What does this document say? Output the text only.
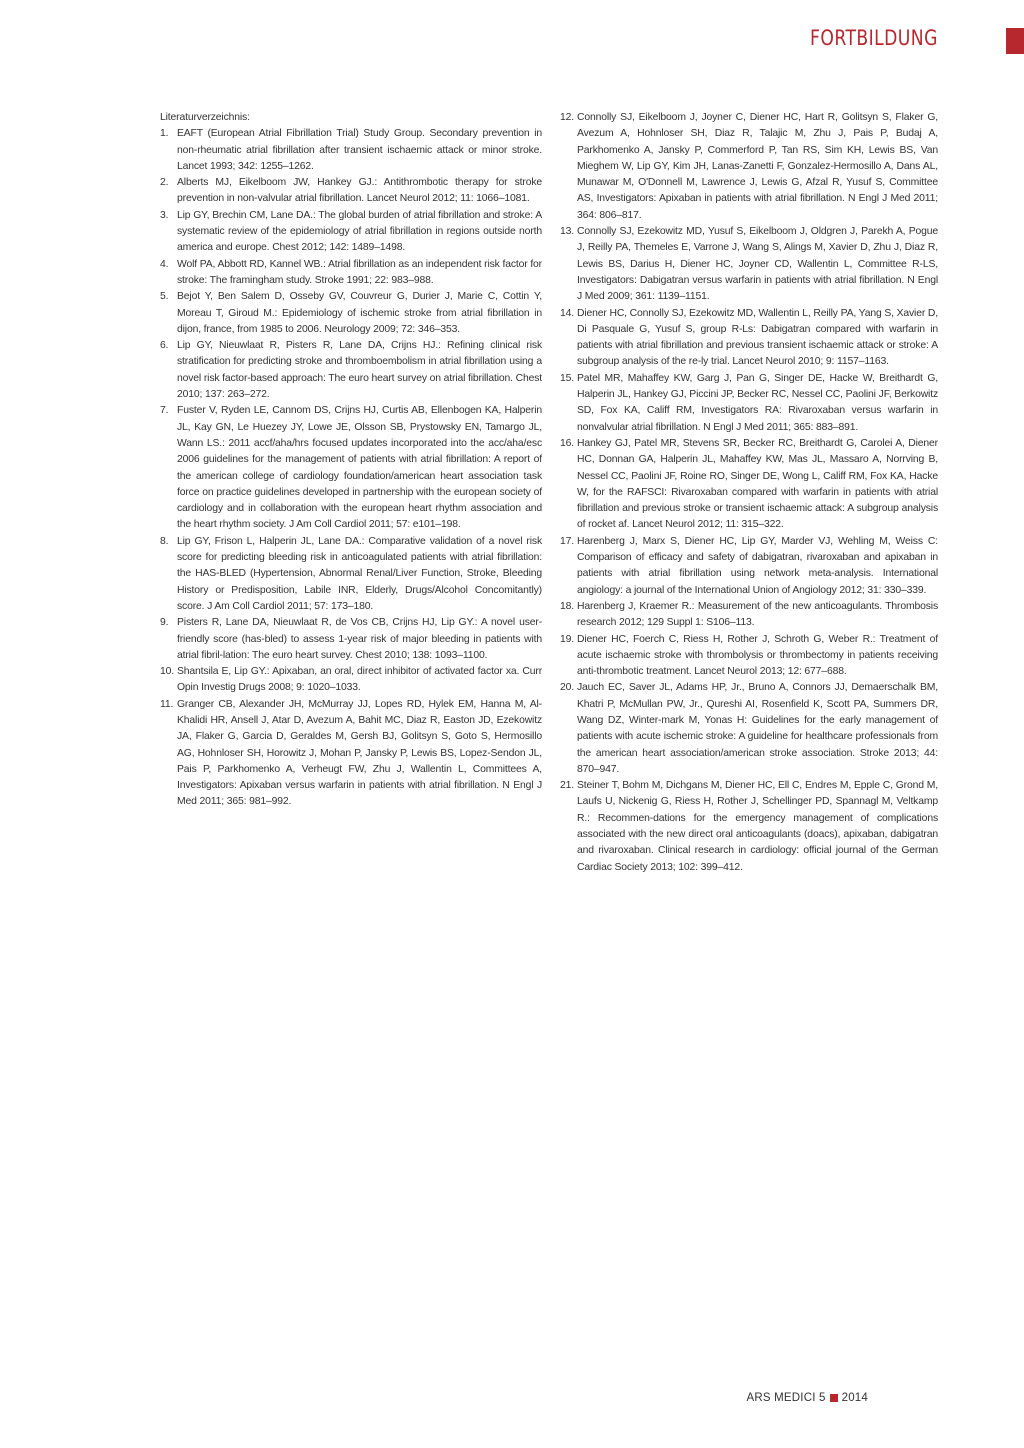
FORTBILDUNG

Literaturverzeichnis:

1. EAFT (European Atrial Fibrillation Trial) Study Group. Secondary prevention in non-rheumatic atrial fibrillation after transient ischaemic attack or minor stroke. Lancet 1993; 342: 1255–1262.

2. Alberts MJ, Eikelboom JW, Hankey GJ.: Antithrombotic therapy for stroke prevention in non-valvular atrial fibrillation. Lancet Neurol 2012; 11: 1066–1081.

3. Lip GY, Brechin CM, Lane DA.: The global burden of atrial fibrillation and stroke: A systematic review of the epidemiology of atrial fibrillation in regions outside north america and europe. Chest 2012; 142: 1489–1498.

4. Wolf PA, Abbott RD, Kannel WB.: Atrial fibrillation as an independent risk factor for stroke: The framingham study. Stroke 1991; 22: 983–988.

5. Bejot Y, Ben Salem D, Osseby GV, Couvreur G, Durier J, Marie C, Cottin Y, Moreau T, Giroud M.: Epidemiology of ischemic stroke from atrial fibrillation in dijon, france, from 1985 to 2006. Neurology 2009; 72: 346–353.

6. Lip GY, Nieuwlaat R, Pisters R, Lane DA, Crijns HJ.: Refining clinical risk stratification for predicting stroke and thromboembolism in atrial fibrillation using a novel risk factor-based approach: The euro heart survey on atrial fibrillation. Chest 2010; 137: 263–272.

7. Fuster V, Ryden LE, Cannom DS, Crijns HJ, Curtis AB, Ellenbogen KA, Halperin JL, Kay GN, Le Huezey JY, Lowe JE, Olsson SB, Prystowsky EN, Tamargo JL, Wann LS.: 2011 accf/aha/hrs focused updates incorporated into the acc/aha/esc 2006 guidelines for the management of patients with atrial fibrillation: A report of the american college of cardiology foundation/american heart association task force on practice guidelines developed in partnership with the european society of cardiology and in collaboration with the european heart rhythm association and the heart rhythm society. J Am Coll Cardiol 2011; 57: e101–198.

8. Lip GY, Frison L, Halperin JL, Lane DA.: Comparative validation of a novel risk score for predicting bleeding risk in anticoagulated patients with atrial fibrillation: the HAS-BLED (Hypertension, Abnormal Renal/Liver Function, Stroke, Bleeding History or Predisposition, Labile INR, Elderly, Drugs/Alcohol Concomitantly) score. J Am Coll Cardiol 2011; 57: 173–180.

9. Pisters R, Lane DA, Nieuwlaat R, de Vos CB, Crijns HJ, Lip GY.: A novel user-friendly score (has-bled) to assess 1-year risk of major bleeding in patients with atrial fibril-lation: The euro heart survey. Chest 2010; 138: 1093–1100.

10. Shantsila E, Lip GY.: Apixaban, an oral, direct inhibitor of activated factor xa. Curr Opin Investig Drugs 2008; 9: 1020–1033.

11. Granger CB, Alexander JH, McMurray JJ, Lopes RD, Hylek EM, Hanna M, Al-Khalidi HR, Ansell J, Atar D, Avezum A, Bahit MC, Diaz R, Easton JD, Ezekowitz JA, Flaker G, Garcia D, Geraldes M, Gersh BJ, Golitsyn S, Goto S, Hermosillo AG, Hohnloser SH, Horowitz J, Mohan P, Jansky P, Lewis BS, Lopez-Sendon JL, Pais P, Parkhomenko A, Verheugt FW, Zhu J, Wallentin L, Committees A, Investigators: Apixaban versus warfarin in patients with atrial fibrillation. N Engl J Med 2011; 365: 981–992.

12. Connolly SJ, Eikelboom J, Joyner C, Diener HC, Hart R, Golitsyn S, Flaker G, Avezum A, Hohnloser SH, Diaz R, Talajic M, Zhu J, Pais P, Budaj A, Parkhomenko A, Jansky P, Commerford P, Tan RS, Sim KH, Lewis BS, Van Mieghem W, Lip GY, Kim JH, Lanas-Zanetti F, Gonzalez-Hermosillo A, Dans AL, Munawar M, O'Donnell M, Lawrence J, Lewis G, Afzal R, Yusuf S, Committee AS, Investigators: Apixaban in patients with atrial fibrillation. N Engl J Med 2011; 364: 806–817.

13. Connolly SJ, Ezekowitz MD, Yusuf S, Eikelboom J, Oldgren J, Parekh A, Pogue J, Reilly PA, Themeles E, Varrone J, Wang S, Alings M, Xavier D, Zhu J, Diaz R, Lewis BS, Darius H, Diener HC, Joyner CD, Wallentin L, Committee R-LS, Investigators: Dabigatran versus warfarin in patients with atrial fibrillation. N Engl J Med 2009; 361: 1139–1151.

14. Diener HC, Connolly SJ, Ezekowitz MD, Wallentin L, Reilly PA, Yang S, Xavier D, Di Pasquale G, Yusuf S, group R-Ls: Dabigatran compared with warfarin in patients with atrial fibrillation and previous transient ischaemic attack or stroke: A subgroup analysis of the re-ly trial. Lancet Neurol 2010; 9: 1157–1163.

15. Patel MR, Mahaffey KW, Garg J, Pan G, Singer DE, Hacke W, Breithardt G, Halperin JL, Hankey GJ, Piccini JP, Becker RC, Nessel CC, Paolini JF, Berkowitz SD, Fox KA, Califf RM, Investigators RA: Rivaroxaban versus warfarin in nonvalvular atrial fibrillation. N Engl J Med 2011; 365: 883–891.

16. Hankey GJ, Patel MR, Stevens SR, Becker RC, Breithardt G, Carolei A, Diener HC, Donnan GA, Halperin JL, Mahaffey KW, Mas JL, Massaro A, Norrving B, Nessel CC, Paolini JF, Roine RO, Singer DE, Wong L, Califf RM, Fox KA, Hacke W, for the RAFSCI: Rivaroxaban compared with warfarin in patients with atrial fibrillation and previous stroke or transient ischaemic attack: A subgroup analysis of rocket af. Lancet Neurol 2012; 11: 315–322.

17. Harenberg J, Marx S, Diener HC, Lip GY, Marder VJ, Wehling M, Weiss C: Comparison of efficacy and safety of dabigatran, rivaroxaban and apixaban in patients with atrial fibrillation using network meta-analysis. International angiology: a journal of the International Union of Angiology 2012; 31: 330–339.

18. Harenberg J, Kraemer R.: Measurement of the new anticoagulants. Thrombosis research 2012; 129 Suppl 1: S106–113.

19. Diener HC, Foerch C, Riess H, Rother J, Schroth G, Weber R.: Treatment of acute ischaemic stroke with thrombolysis or thrombectomy in patients receiving anti-thrombotic treatment. Lancet Neurol 2013; 12: 677–688.

20. Jauch EC, Saver JL, Adams HP, Jr., Bruno A, Connors JJ, Demaerschalk BM, Khatri P, McMullan PW, Jr., Qureshi AI, Rosenfield K, Scott PA, Summers DR, Wang DZ, Winter-mark M, Yonas H: Guidelines for the early management of patients with acute ischemic stroke: A guideline for healthcare professionals from the american heart association/american stroke association. Stroke 2013; 44: 870–947.

21. Steiner T, Bohm M, Dichgans M, Diener HC, Ell C, Endres M, Epple C, Grond M, Laufs U, Nickenig G, Riess H, Rother J, Schellinger PD, Spannagl M, Veltkamp R.: Recommen-dations for the emergency management of complications associated with the new direct oral anticoagulants (doacs), apixaban, dabigatran and rivaroxaban. Clinical research in cardiology: official journal of the German Cardiac Society 2013; 102: 399–412.

ARS MEDICI 5 2014
